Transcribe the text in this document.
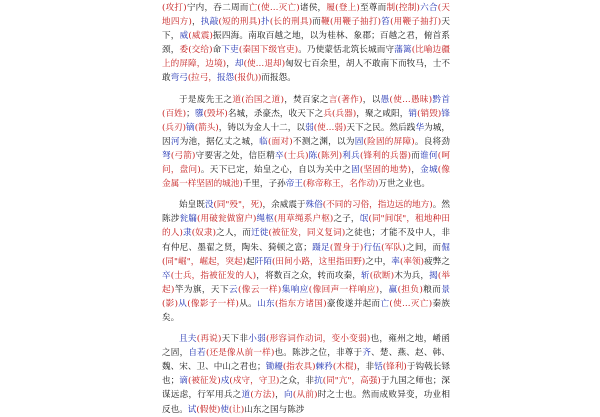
(攻打)宁内，吞二周而亡(使…灭亡)诸侯，履(登上)至尊而制(控制)六合(天地四方)，执敲(短的刑具)扑(长的刑具)而鞭(用鞭子抽打)笞(用鞭子抽打)天下，威(威震)振四海。南取百越之地，以为桂林、象郡；百越之君，俯首系颈，委(交给)命下吏(秦国下级官吏)。乃使蒙恬北筑长城而守藩篱(比喻边疆上的屏障，边境)，却(使…退却)匈奴七百余里，胡人不敢南下而牧马，士不敢弯弓(拉弓，报怨(报仇))而报怨。

于是废先王之道(治国之道)，焚百家之言(著作)，以愚(使…愚昧)黔首(百姓)；隳(毁坏)名城，杀豪杰，收天下之兵(兵器)，聚之咸阳，销(销毁)锋(兵刃)镝(箭头)，铸以为金人十二，以弱(使…弱)天下之民。然后践华为城，因河为池，据亿丈之城，临(面对)不测之渊，以为固(险固的屏障)。良将劲弩(弓箭)守要害之处，信臣精卒(士兵)陈(陈列)利兵(锋利的兵器)而谁何(呵问，盘问)。天下已定，始皇之心，自以为关中之固(坚固的地势)，金城(像金属一样坚固的城池)千里，子孙帝王(称帝称王，名作动)万世之业也。

始皇既没(同"殁"，死)，余威震于殊俗(不同的习俗，指边远的地方)。然陈涉瓮牖(用破瓮做窗户)绳枢(用草绳系户枢)之子，氓(同"间氓"，租地种田的人)隶(奴隶)之人，而迁徙(被征发，同义复词)之徒也；才能不及中人，非有仲尼、墨翟之贤，陶朱、猗顿之富；蹑足(置身于)行伍(军队)之间，而倔(同"崛"，崛起，突起)起阡陌(田间小路，这里指田野)之中，率(率领)疲弊之卒(士兵，指被征发的人)，将数百之众，转而攻秦，斩(砍断)木为兵，揭(举起)竿为旗，天下云(像云一样)集响应(像回声一样响应)，赢(担负)粮而景(影)从(像影子一样)从。山东(指东方诸国)豪俊遂并起而亡(使…灭亡)秦族矣。

且夫(再说)天下非小弱(形容词作动词，变小变弱)也，雍州之地，崤函之固，自若(还是像从前一样)也。陈涉之位，非尊于齐、楚、燕、赵、韩、魏、宋、卫、中山之君也；锄耰(指农具)棘矜(木棍)，非铦(锋利)于钩戟长铩也；谪(被征发)戍(戍守，守卫)之众，非抗(同"亢"，高强)于九国之师也；深谋远虑，行军用兵之道(方法)，向(从前)时之士也。然而成败异变，功业相反也。试(假使)使(让)山东之国与陈涉
